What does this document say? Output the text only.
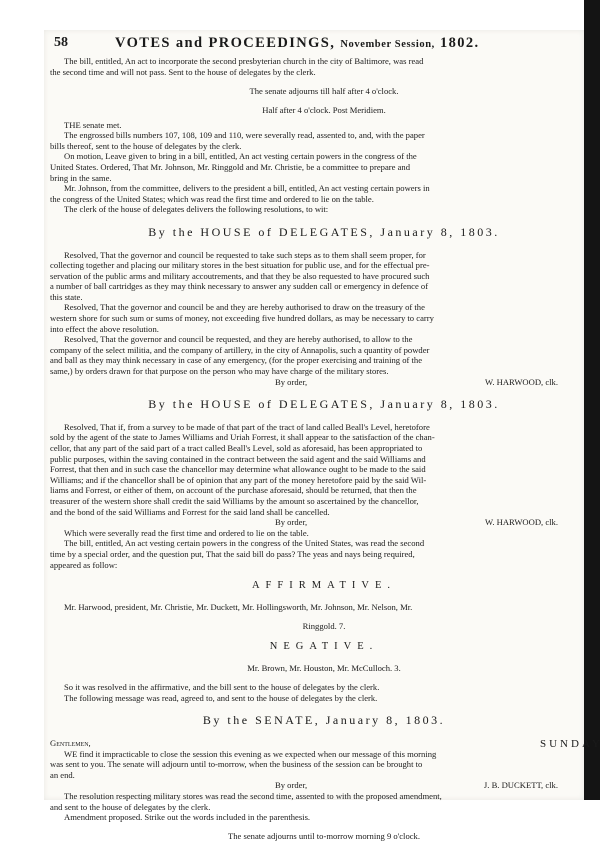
58	VOTES and PROCEEDINGS, November Session, 1802.

The bill, entitled, An act to incorporate the second presbyterian church in the city of Baltimore, was read

the second time and will not pass. Sent to the house of delegates by the clerk.

The senate adjourns till half after 4 o'clock.

Half after 4 o'clock. Post Meridiem.

THE senate met.

The engrossed bills numbers 107, 108, 109 and 110, were severally read, assented to, and, with the paper

bills thereof, sent to the house of delegates by the clerk.

On motion, Leave given to bring in a bill, entitled, An act vesting certain powers in the congress of the

United States. Ordered, That Mr. Johnson, Mr. Ringgold and Mr. Christie, be a committee to prepare and

bring in the same.

Mr. Johnson, from the committee, delivers to the president a bill, entitled, An act vesting certain powers in

the congress of the United States; which was read the first time and ordered to lie on the table.

The clerk of the house of delegates delivers the following resolutions, to wit:

By the HOUSE of DELEGATES, January 8, 1803.

Resolved, That the governor and council be requested to take such steps as to them shall seem proper, for

collecting together and placing our military stores in the best situation for public use, and for the effectual pre-

servation of the public arms and military accoutrements, and that they be also requested to have procured such

a number of ball cartridges as they may think necessary to answer any sudden call or emergency in defence of

this state.

Resolved, That the governor and council be and they are hereby authorised to draw on the treasury of the

western shore for such sum or sums of money, not exceeding five hundred dollars, as may be necessary to carry

into effect the above resolution.

Resolved, That the governor and council be requested, and they are hereby authorised, to allow to the

company of the select militia, and the company of artillery, in the city of Annapolis, such a quantity of powder

and ball as they may think necessary in case of any emergency, (for the proper exercising and training of the

same,) by orders drawn for that purpose on the person who may have charge of the military stores.

By order,	W. HARWOOD, clk.

By the HOUSE of DELEGATES, January 8, 1803.

Resolved, That if, from a survey to be made of that part of the tract of land called Beall's Level, heretofore

sold by the agent of the state to James Williams and Uriah Forrest, it shall appear to the satisfaction of the chan-

cellor, that any part of the said part of a tract called Beall's Level, sold as aforesaid, has been appropriated to

public purposes, within the saving contained in the contract between the said agent and the said Williams and

Forrest, that then and in such case the chancellor may determine what allowance ought to be made to the said

Williams; and if the chancellor shall be of opinion that any part of the money heretofore paid by the said Wil-

liams and Forrest, or either of them, on account of the purchase aforesaid, should be returned, that then the

treasurer of the western shore shall credit the said Williams by the amount so ascertained by the chancellor,

and the bond of the said Williams and Forrest for the said land shall be cancelled.

By order,	W. HARWOOD, clk.

Which were severally read the first time and ordered to lie on the table.

The bill, entitled, An act vesting certain powers in the congress of the United States, was read the second

time by a special order, and the question put, That the said bill do pass? The yeas and nays being required,

appeared as follow:

AFFIRMATIVE.

Mr. Harwood, president, Mr. Christie, Mr. Duckett, Mr. Hollingsworth, Mr. Johnson, Mr. Nelson, Mr.

Ringgold. 7.

NEGATIVE.

Mr. Brown, Mr. Houston, Mr. McCulloch. 3.

So it was resolved in the affirmative, and the bill sent to the house of delegates by the clerk.

The following message was read, agreed to, and sent to the house of delegates by the clerk.

By the SENATE, January 8, 1803.

Gentlemen,

WE find it impracticable to close the session this evening as we expected when our message of this morning

was sent to you. The senate will adjourn until to-morrow, when the business of the session can be brought to

an end.

By order,	J. B. DUCKETT, clk.

The resolution respecting military stores was read the second time, assented to with the proposed amendment,

and sent to the house of delegates by the clerk.

Amendment proposed. Strike out the words included in the parenthesis.

The senate adjourns until to-morrow morning 9 o'clock.

SUNDAY
